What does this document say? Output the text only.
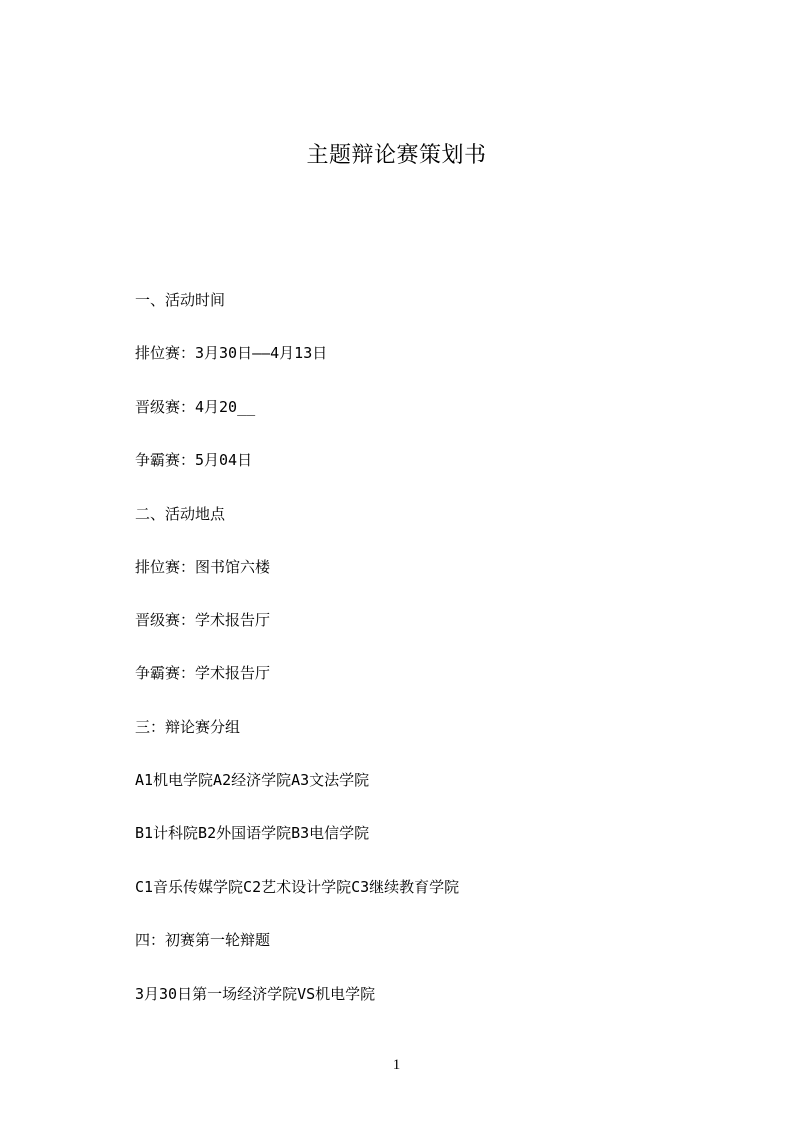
主题辩论赛策划书

一、活动时间

排位赛：3月30日——4月13日

晋级赛：4月20__

争霸赛：5月04日

二、活动地点

排位赛：图书馆六楼

晋级赛：学术报告厅

争霸赛：学术报告厅

三：辩论赛分组

A1机电学院A2经济学院A3文法学院

B1计科院B2外国语学院B3电信学院

C1音乐传媒学院C2艺术设计学院C3继续教育学院

四：初赛第一轮辩题

3月30日第一场经济学院VS机电学院

1
